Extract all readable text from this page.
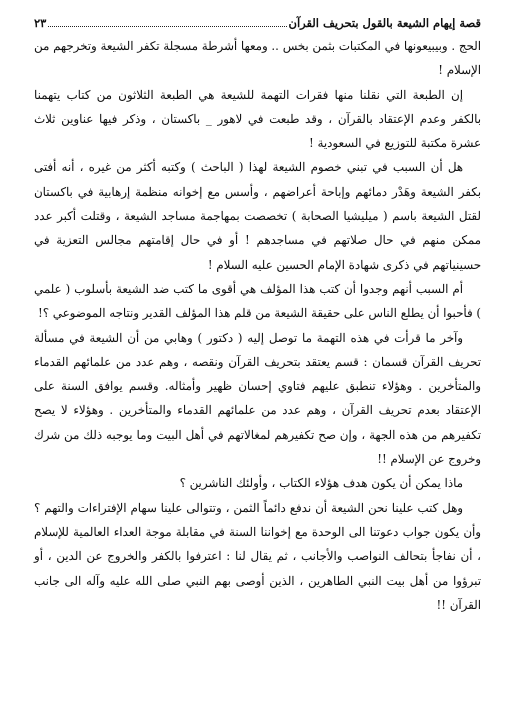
قصة إيهام الشيعة بالقول بتحريف القرآن
٢٣

الحج . وبيبيعونها في المكتبات بثمن بخس .. ومعها أشرطة مسجلة تكفر الشيعة وتخرجهم من الإسلام !

إن الطبعة التي نقلنا منها فقرات التهمة للشيعة هي الطبعة الثلاثون من كتاب يتهمنا بالكفر وعدم الإعتقاد بالقرآن ، وقد طبعت في لاهور _ باكستان ، وذكر فيها عناوين ثلاث عشرة مكتبة للتوزيع في السعودية !

هل أن السبب في تبني خصوم الشيعة لهذا ( الباحث ) وكتبه أكثر من غيره ، أنه أفتى بكفر الشيعة وهَدْر دمائهم وإباحة أعراضهم ، وأسس مع إخوانه منظمة إرهابية في باكستان لقتل الشيعة باسم ( ميليشيا الصحابة ) تخصصت بمهاجمة مساجد الشيعة ، وقتلت أكبر عدد ممكن منهم في حال صلاتهم في مساجدهم ! أو في حال إقامتهم مجالس التعزية في حسينياتهم في ذكرى شهادة الإمام الحسين عليه السلام !

أم السبب أنهم وجدوا أن كتب هذا المؤلف هي أقوى ما كتب ضد الشيعة بأسلوب ( علمي ) فأحبوا أن يطلع الناس على حقيقة الشيعة من قلم هذا المؤلف القدير ونتاجه الموضوعي ؟!

وآخر ما قرأت في هذه التهمة ما توصل إليه ( دكتور ) وهابي من أن الشيعة في مسألة تحريف القرآن قسمان : قسم يعتقد بتحريف القرآن ونقصه ، وهم عدد من علمائهم القدماء والمتأخرين . وهؤلاء تنطبق عليهم فتاوي إحسان ظهير وأمثاله. وقسم يوافق السنة على الإعتقاد بعدم تحريف القرآن ، وهم عدد من علمائهم القدماء والمتأخرين . وهؤلاء لا يصح تكفيرهم من هذه الجهة ، وإن صح تكفيرهم لمغالاتهم في أهل البيت وما يوجبه ذلك من شرك وخروج عن الإسلام !!

ماذا يمكن أن يكون هدف هؤلاء الكتاب ، وأولئك الناشرين ؟

وهل كتب علينا نحن الشيعة أن ندفع دائماً الثمن ، وتتوالى علينا سهام الإفتراءات والتهم ؟ وأن يكون جواب دعوتنا الى الوحدة مع إخواننا السنة في مقابلة موجة العداء العالمية للإسلام ، أن نفاجأ بتحالف النواصب والأجانب ، ثم يقال لنا : اعترفوا بالكفر والخروج عن الدين ، أو تبرؤوا من أهل بيت النبي الطاهرين ، الذين أوصى بهم النبي صلى الله عليه وآله الى جانب القرآن !!
